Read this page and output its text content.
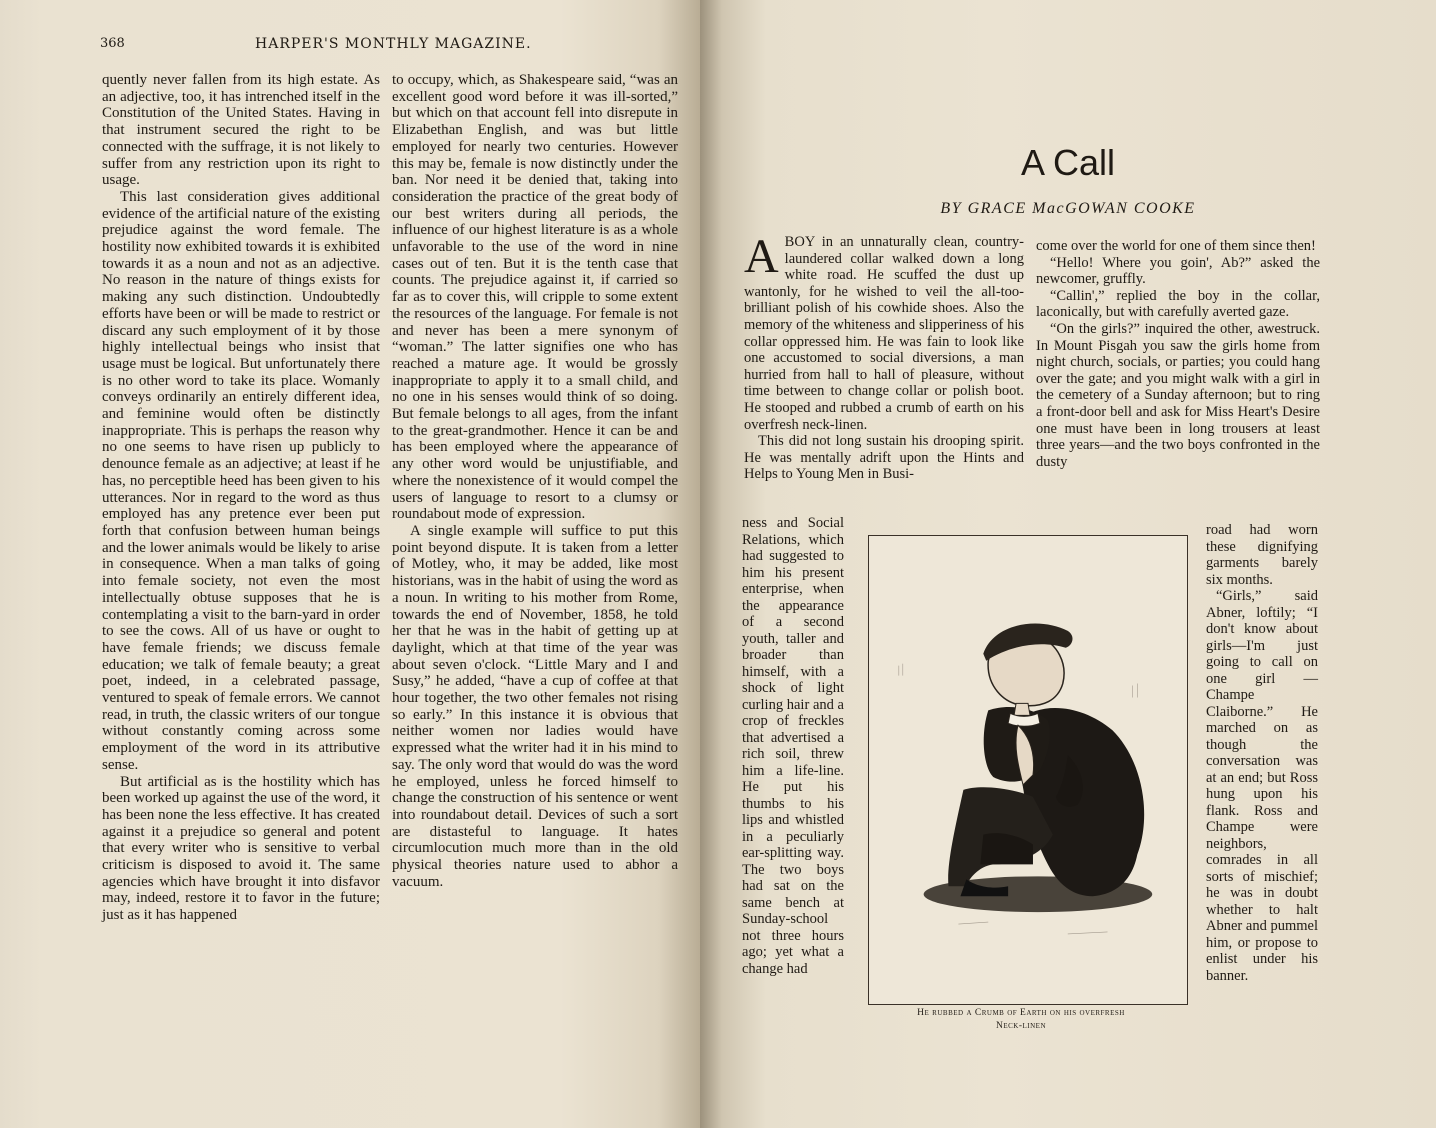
368	HARPER'S MONTHLY MAGAZINE.

quently never fallen from its high estate. As an adjective, too, it has intrenched itself in the Constitution of the United States. Having in that instrument secured the right to be connected with the suffrage, it is not likely to suffer from any restriction upon its right to usage.

This last consideration gives additional evidence of the artificial nature of the existing prejudice against the word female. The hostility now exhibited towards it is exhibited towards it as a noun and not as an adjective. No reason in the nature of things exists for making any such distinction. Undoubtedly efforts have been or will be made to restrict or discard any such employment of it by those highly intellectual beings who insist that usage must be logical. But unfortunately there is no other word to take its place. Womanly conveys ordinarily an entirely different idea, and feminine would often be distinctly inappropriate. This is perhaps the reason why no one seems to have risen up publicly to denounce female as an adjective; at least if he has, no perceptible heed has been given to his utterances. Nor in regard to the word as thus employed has any pretence ever been put forth that confusion between human beings and the lower animals would be likely to arise in consequence. When a man talks of going into female society, not even the most intellectually obtuse supposes that he is contemplating a visit to the barn-yard in order to see the cows. All of us have or ought to have female friends; we discuss female education; we talk of female beauty; a great poet, indeed, in a celebrated passage, ventured to speak of female errors. We cannot read, in truth, the classic writers of our tongue without constantly coming across some employment of the word in its attributive sense.

But artificial as is the hostility which has been worked up against the use of the word, it has been none the less effective. It has created against it a prejudice so general and potent that every writer who is sensitive to verbal criticism is disposed to avoid it. The same agencies which have brought it into disfavor may, indeed, restore it to favor in the future; just as it has happened

to occupy, which, as Shakespeare said, “was an excellent good word before it was ill-sorted,” but which on that account fell into disrepute in Elizabethan English, and was but little employed for nearly two centuries. However this may be, female is now distinctly under the ban. Nor need it be denied that, taking into consideration the practice of the great body of our best writers during all periods, the influence of our highest literature is as a whole unfavorable to the use of the word in nine cases out of ten. But it is the tenth case that counts. The prejudice against it, if carried so far as to cover this, will cripple to some extent the resources of the language. For female is not and never has been a mere synonym of “woman.” The latter signifies one who has reached a mature age. It would be grossly inappropriate to apply it to a small child, and no one in his senses would think of so doing. But female belongs to all ages, from the infant to the great-grandmother. Hence it can be and has been employed where the appearance of any other word would be unjustifiable, and where the nonexistence of it would compel the users of language to resort to a clumsy or roundabout mode of expression.

A single example will suffice to put this point beyond dispute. It is taken from a letter of Motley, who, it may be added, like most historians, was in the habit of using the word as a noun. In writing to his mother from Rome, towards the end of November, 1858, he told her that he was in the habit of getting up at daylight, which at that time of the year was about seven o'clock. “Little Mary and I and Susy,” he added, “have a cup of coffee at that hour together, the two other females not rising so early.” In this instance it is obvious that neither women nor ladies would have expressed what the writer had it in his mind to say. The only word that would do was the word he employed, unless he forced himself to change the construction of his sentence or went into roundabout detail. Devices of such a sort are distasteful to language. It hates circumlocution much more than in the old physical theories nature used to abhor a vacuum.

A Call
BY GRACE MacGOWAN COOKE

ABOY in an unnaturally clean, country-laundered collar walked down a long white road. He scuffed the dust up wantonly, for he wished to veil the all-too-brilliant polish of his cowhide shoes. Also the memory of the whiteness and slipperiness of his collar oppressed him. He was fain to look like one accustomed to social diversions, a man hurried from hall to hall of pleasure, without time between to change collar or polish boot. He stooped and rubbed a crumb of earth on his overfresh neck-linen.

This did not long sustain his drooping spirit. He was mentally adrift upon the Hints and Helps to Young Men in Busi-

come over the world for one of them since then!

“Hello! Where you goin', Ab?” asked the newcomer, gruffly.

“Callin',” replied the boy in the collar, laconically, but with carefully averted gaze.

“On the girls?” inquired the other, awestruck. In Mount Pisgah you saw the girls home from night church, socials, or parties; you could hang over the gate; and you might walk with a girl in the cemetery of a Sunday afternoon; but to ring a front-door bell and ask for Miss Heart's Desire one must have been in long trousers at least three years—and the two boys confronted in the dusty

ness and Social Relations, which had suggested to him his present enterprise, when the appearance of a second youth, taller and broader than himself, with a shock of light curling hair and a crop of freckles that advertised a rich soil, threw him a life-line. He put his thumbs to his lips and whistled in a peculiarly ear-splitting way. The two boys had sat on the same bench at Sunday-school not three hours ago; yet what a change had

road had worn these dignifying garments barely six months.

“Girls,” said Abner, loftily; “I don't know about girls—I'm just going to call on one girl — Champe Claiborne.” He marched on as though the conversation was at an end; but Ross hung upon his flank. Ross and Champe were neighbors, comrades in all sorts of mischief; he was in doubt whether to halt Abner and pummel him, or propose to enlist under his banner.

He rubbed a Crumb of Earth on his overfresh
Neck-linen
